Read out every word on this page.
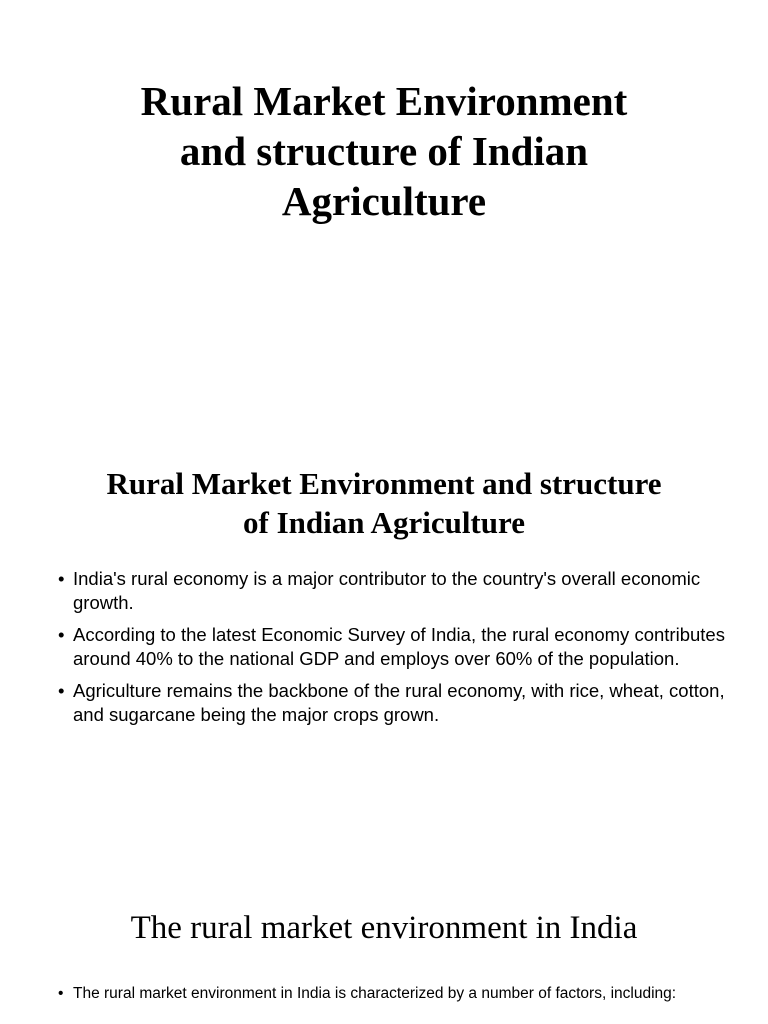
Rural Market Environment
and structure of Indian
Agriculture
Rural Market Environment and structure
of Indian Agriculture
• India's rural economy is a major contributor to the country's overall economic growth.
• According to the latest Economic Survey of India, the rural economy contributes around 40% to the national GDP and employs over 60% of the population.
• Agriculture remains the backbone of the rural economy, with rice, wheat, cotton, and sugarcane being the major crops grown.
The rural market environment in India
• The rural market environment in India is characterized by a number of factors, including:
